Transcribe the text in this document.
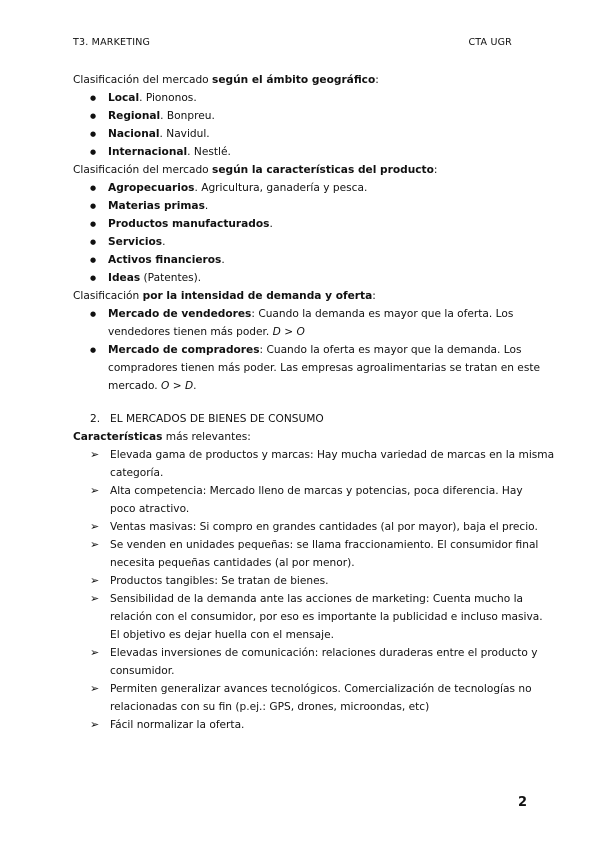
T3. MARKETING	CTA UGR
Clasificación del mercado según el ámbito geográfico:
● Local. Piononos.
● Regional. Bonpreu.
● Nacional. Navidul.
● Internacional. Nestlé.
Clasificación del mercado según la características del producto:
● Agropecuarios. Agricultura, ganadería y pesca.
● Materias primas.
● Productos manufacturados.
● Servicios.
● Activos financieros.
● Ideas (Patentes).
Clasificación por la intensidad de demanda y oferta:
● Mercado de vendedores: Cuando la demanda es mayor que la oferta. Los
vendedores tienen más poder. D > O
● Mercado de compradores: Cuando la oferta es mayor que la demanda. Los
compradores tienen más poder. Las empresas agroalimentarias se tratan en este
mercado. O > D.
2. EL MERCADOS DE BIENES DE CONSUMO
Características más relevantes:
➢ Elevada gama de productos y marcas: Hay mucha variedad de marcas en la misma
categoría.
➢ Alta competencia: Mercado lleno de marcas y potencias, poca diferencia. Hay
poco atractivo.
➢ Ventas masivas: Si compro en grandes cantidades (al por mayor), baja el precio.
➢ Se venden en unidades pequeñas: se llama fraccionamiento. El consumidor final
necesita pequeñas cantidades (al por menor).
➢ Productos tangibles: Se tratan de bienes.
➢ Sensibilidad de la demanda ante las acciones de marketing: Cuenta mucho la
relación con el consumidor, por eso es importante la publicidad e incluso masiva.
El objetivo es dejar huella con el mensaje.
➢ Elevadas inversiones de comunicación: relaciones duraderas entre el producto y
consumidor.
➢ Permiten generalizar avances tecnológicos. Comercialización de tecnologías no
relacionadas con su fin (p.ej.: GPS, drones, microondas, etc)
➢ Fácil normalizar la oferta.
2
